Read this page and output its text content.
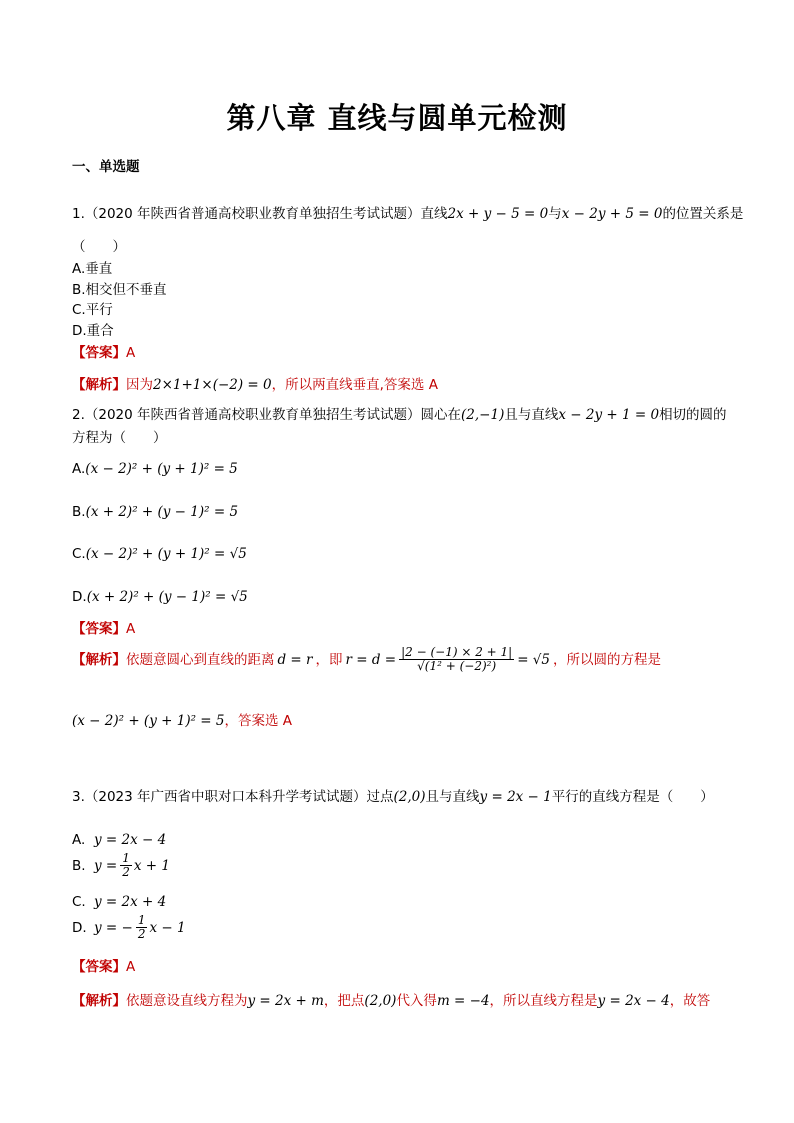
第八章 直线与圆单元检测
一、单选题
1.（2020 年陕西省普通高校职业教育单独招生考试试题）直线2x + y − 5 = 0与x − 2y + 5 = 0的位置关系是
（　　）
A.垂直
B.相交但不垂直
C.平行
D.重合
【答案】A
【解析】因为2×1+1×(−2) = 0，所以两直线垂直,答案选 A
2.（2020 年陕西省普通高校职业教育单独招生考试试题）圆心在(2,−1)且与直线x − 2y + 1 = 0相切的圆的
方程为（　　）
A.(x − 2)² + (y + 1)² = 5
B.(x + 2)² + (y − 1)² = 5
C.(x − 2)² + (y + 1)² = √5
D.(x + 2)² + (y − 1)² = √5
【答案】A
【解析】 依题意圆心到直线的距离 d = r ，即 $r = d = \frac{|2 - (-1) \times 2 + 1|}{\text{√(1² + (−2)²)}} = √5$ ，所以圆的方程是
(x − 2)² + (y + 1)² = 5，答案选 A
3.（2023 年广西省中职对口本科升学考试试题）过点(2,0)且与直线y = 2x − 1平行的直线方程是（　　）
A. y = 2x − 4
B. $y = \frac{1}{2}$ x + 1
C. y = 2x + 4
D. y = − $\frac{1}{2}$ x − 1
【答案】A
【解析】依题意设直线方程为y = 2x + m，把点(2,0)代入得m = −4，所以直线方程是y = 2x − 4，故答
